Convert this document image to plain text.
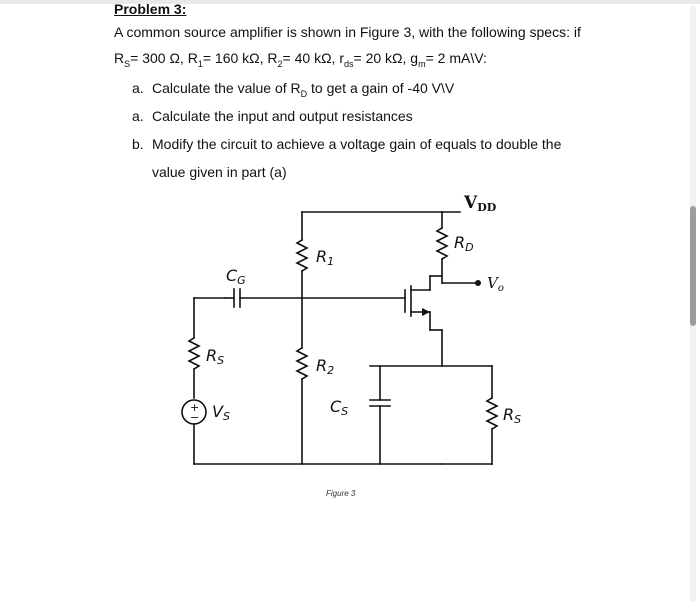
Problem 3:
A common source amplifier is shown in Figure 3, with the following specs: if
$R_S= 300$ Ω, $R_1= 160$ kΩ, $R_2= 40$ kΩ, $r_{ds}= 20$ kΩ, $g_m= 2$ mA\V:
a. Calculate the value of $R_D$ to get a gain of -40 V\V
a. Calculate the input and output resistances
b. Modify the circuit to achieve a voltage gain of equals to double the
value given in part (a)
VDD
$V_o$
RD
R1
R2
CG
CS
RS
RS
VS
+
−
Figure 3
